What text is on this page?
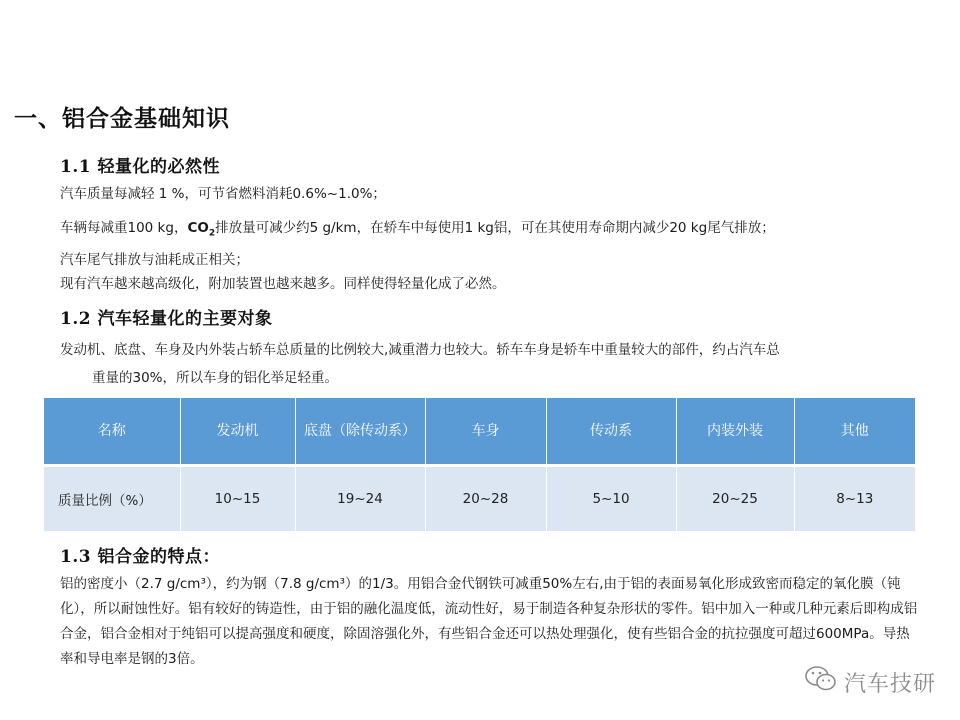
一、铝合金基础知识
1.1 轻量化的必然性
汽车质量每减轻 1 %，可节省燃料消耗0.6%~1.0%；
车辆每减重100 kg，$CO_2$排放量可减少约5 g/km，在轿车中每使用1 kg铝，可在其使用寿命期内减少20 kg尾气排放；
汽车尾气排放与油耗成正相关；
现有汽车越来越高级化，附加装置也越来越多。同样使得轻量化成了必然。
1.2 汽车轻量化的主要对象
发动机、底盘、车身及内外装占轿车总质量的比例较大,减重潜力也较大。轿车车身是轿车中重量较大的部件，约占汽车总
重量的30%，所以车身的铝化举足轻重。
名称	发动机	底盘（除传动系）	车身	传动系	内装外装	其他
质量比例（%）	10~15	19~24	20~28	5~10	20~25	8~13
1.3 铝合金的特点：
铝的密度小（2.7 g/cm³），约为钢（7.8 g/cm³）的1/3。用铝合金代钢铁可减重50%左右,由于铝的表面易氧化形成致密而稳定的氧化膜（钝化），所以耐蚀性好。铝有较好的铸造性，由于铝的融化温度低，流动性好，易于制造各种复杂形状的零件。铝中加入一种或几种元素后即构成铝合金，铝合金相对于纯铝可以提高强度和硬度，除固溶强化外，有些铝合金还可以热处理强化，使有些铝合金的抗拉强度可超过600MPa。导热率和导电率是钢的3倍。
汽车技研
